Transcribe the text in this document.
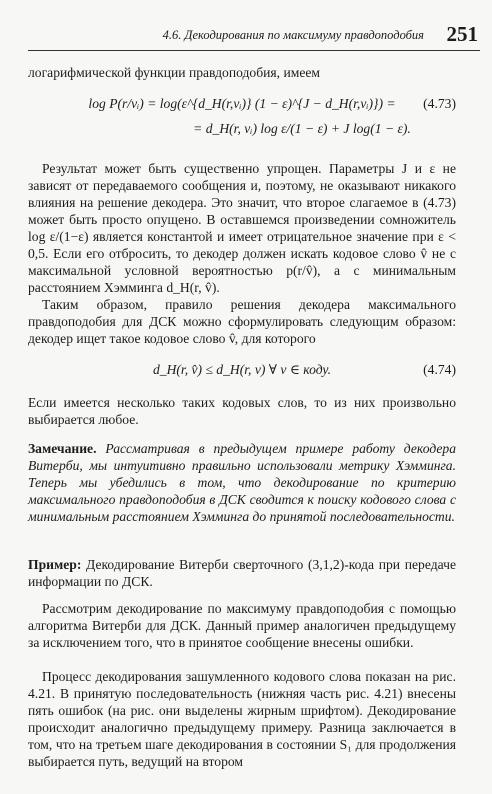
4.6. Декодирования по максимуму правдоподобия 251

логарифмической функции правдоподобия, имеем

log P(r/vᵢ) = log(ε^{d_H(r,vᵢ)} (1 − ε)^{J − d_H(r,vᵢ)}) =	(4.73)
= d_H(r, vᵢ) log ε/(1 − ε) + J log(1 − ε).

Результат может быть существенно упрощен. Параметры J и ε не зависят от передаваемого сообщения и, поэтому, не оказывают никакого влияния на решение декодера. Это значит, что второе слагаемое в (4.73) может быть просто опущено. В оставшемся произведении сомножитель log ε/(1−ε) является константой и имеет отрицательное значение при ε < 0,5. Если его отбросить, то декодер должен искать кодовое слово v̂ не с максимальной условной вероятностью p(r/v̂), а с минимальным расстоянием Хэмминга d_H(r, v̂).

Таким образом, правило решения декодера максимального правдоподобия для ДСК можно сформулировать следующим образом: декодер ищет такое кодовое слово v̂, для которого

d_H(r, v̂) ≤ d_H(r, v) ∀ v ∈ коду.	(4.74)

Если имеется несколько таких кодовых слов, то из них произвольно выбирается любое.

Замечание. Рассматривая в предыдущем примере работу декодера Витерби, мы интуитивно правильно использовали метрику Хэмминга. Теперь мы убедились в том, что декодирование по критерию максимального правдоподобия в ДСК сводится к поиску кодового слова с минимальным расстоянием Хэмминга до принятой последовательности.

Пример: Декодирование Витерби сверточного (3,1,2)-кода при передаче информации по ДСК.

Рассмотрим декодирование по максимуму правдоподобия с помощью алгоритма Витерби для ДСК. Данный пример аналогичен предыдущему за исключением того, что в принятое сообщение внесены ошибки.

Процесс декодирования зашумленного кодового слова показан на рис. 4.21. В принятую последовательность (нижняя часть рис. 4.21) внесены пять ошибок (на рис. они выделены жирным шрифтом). Декодирование происходит аналогично предыдущему примеру. Разница заключается в том, что на третьем шаге декодирования в состоянии S₁ для продолжения выбирается путь, ведущий на втором
